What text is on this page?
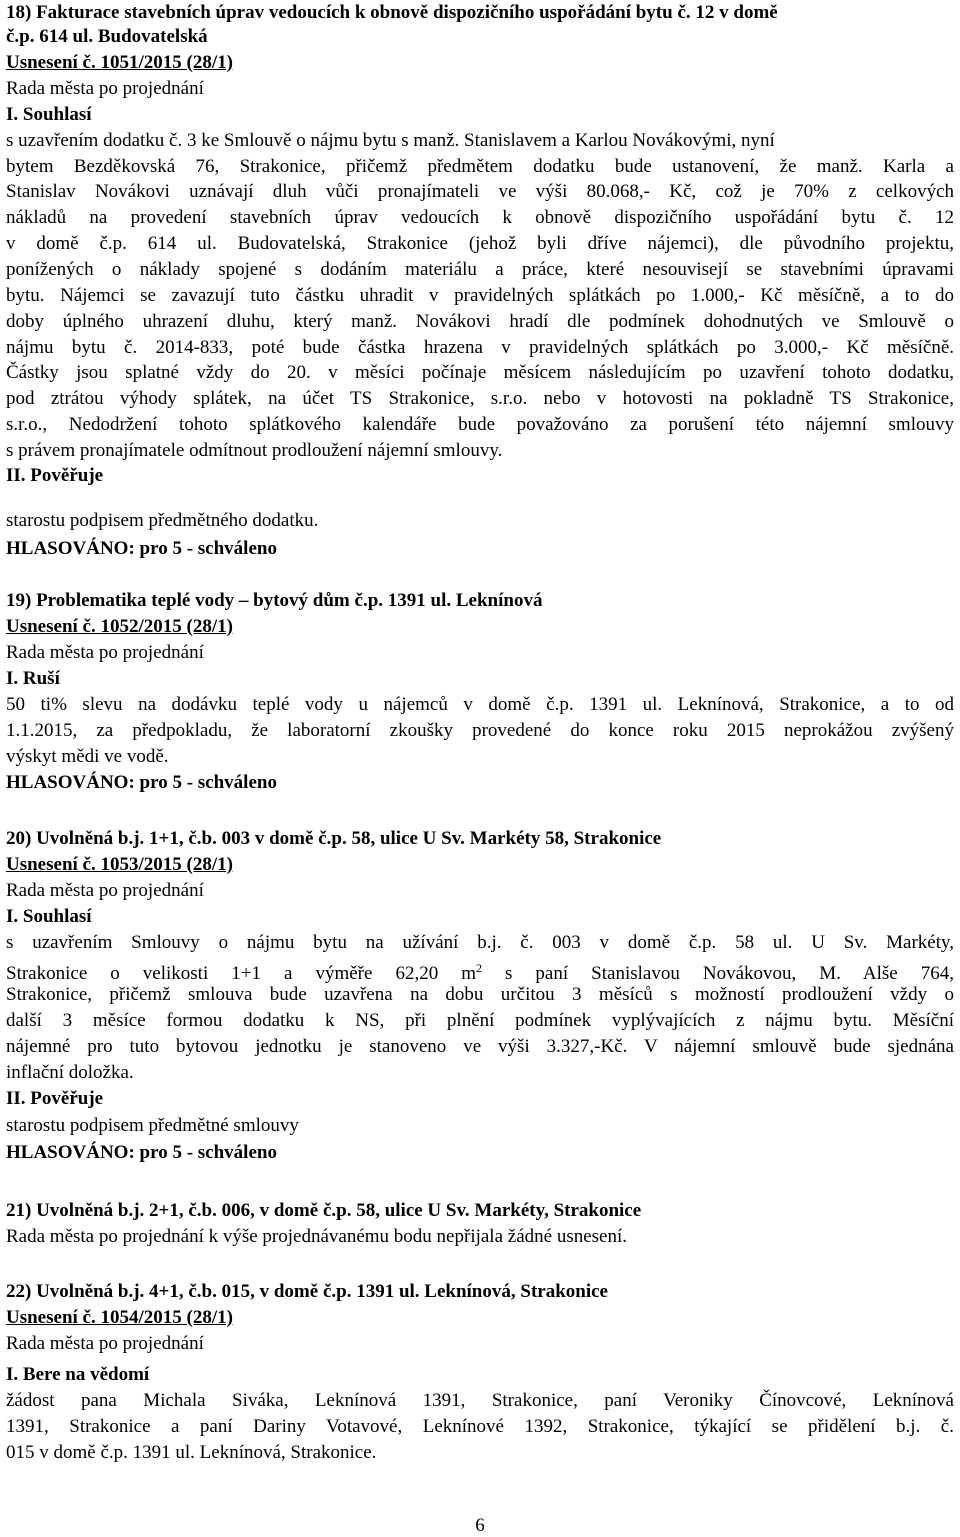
18) Fakturace stavebních úprav vedoucích k obnově dispozičního uspořádání bytu č. 12 v domě
č.p. 614 ul. Budovatelská
Usnesení č. 1051/2015 (28/1)
Rada města po projednání
I. Souhlasí
s uzavřením dodatku č. 3 ke Smlouvě o nájmu bytu s manž. Stanislavem a Karlou Novákovými, nyní
bytem Bezděkovská 76, Strakonice, přičemž předmětem dodatku bude ustanovení, že manž. Karla a
Stanislav Novákovi uznávají dluh vůči pronajímateli ve výši 80.068,- Kč, což je 70% z celkových
nákladů na provedení stavebních úprav vedoucích k obnově dispozičního uspořádání bytu č. 12
v domě č.p. 614 ul. Budovatelská, Strakonice (jehož byli dříve nájemci), dle původního projektu,
ponížených o náklady spojené s dodáním materiálu a práce, které nesouvisejí se stavebními úpravami
bytu. Nájemci se zavazují tuto částku uhradit v pravidelných splátkách po 1.000,- Kč měsíčně, a to do
doby úplného uhrazení dluhu, který manž. Novákovi hradí dle podmínek dohodnutých ve Smlouvě o
nájmu bytu č. 2014-833, poté bude částka hrazena v pravidelných splátkách po 3.000,- Kč měsíčně.
Částky jsou splatné vždy do 20. v měsíci počínaje měsícem následujícím po uzavření tohoto dodatku,
pod ztrátou výhody splátek, na účet TS Strakonice, s.r.o. nebo v hotovosti na pokladně TS Strakonice,
s.r.o., Nedodržení tohoto splátkového kalendáře bude považováno za porušení této nájemní smlouvy
s právem pronajímatele odmítnout prodloužení nájemní smlouvy.
II. Pověřuje
starostu podpisem předmětného dodatku.
HLASOVÁNO: pro 5 - schváleno
19) Problematika teplé vody – bytový dům č.p. 1391 ul. Leknínová
Usnesení č. 1052/2015 (28/1)
Rada města po projednání
I. Ruší
50 ti% slevu na dodávku teplé vody u nájemců v domě č.p. 1391 ul. Leknínová, Strakonice, a to od
1.1.2015, za předpokladu, že laboratorní zkoušky provedené do konce roku 2015 neprokážou zvýšený
výskyt mědi ve vodě.
HLASOVÁNO: pro 5 - schváleno
20) Uvolněná b.j. 1+1, č.b. 003 v domě č.p. 58, ulice U Sv. Markéty 58, Strakonice
Usnesení č. 1053/2015 (28/1)
Rada města po projednání
I. Souhlasí
s uzavřením Smlouvy o nájmu bytu na užívání b.j. č. 003 v domě č.p. 58 ul. U Sv. Markéty,
Strakonice o velikosti 1+1 a výměře 62,20 $m^2$ s paní Stanislavou Novákovou, M. Alše 764,
Strakonice, přičemž smlouva bude uzavřena na dobu určitou 3 měsíců s možností prodloužení vždy o
další 3 měsíce formou dodatku k NS, při plnění podmínek vyplývajících z nájmu bytu. Měsíční
nájemné pro tuto bytovou jednotku je stanoveno ve výši 3.327,-Kč. V nájemní smlouvě bude sjednána
inflační doložka.
II. Pověřuje
starostu podpisem předmětné smlouvy
HLASOVÁNO: pro 5 - schváleno
21) Uvolněná b.j. 2+1, č.b. 006, v domě č.p. 58, ulice U Sv. Markéty, Strakonice
Rada města po projednání k výše projednávanému bodu nepřijala žádné usnesení.
22) Uvolněná b.j. 4+1, č.b. 015, v domě č.p. 1391 ul. Leknínová, Strakonice
Usnesení č. 1054/2015 (28/1)
Rada města po projednání
I. Bere na vědomí
žádost pana Michala Siváka, Leknínová 1391, Strakonice, paní Veroniky Čínovcové, Leknínová
1391, Strakonice a paní Dariny Votavové, Leknínové 1392, Strakonice, týkající se přidělení b.j. č.
015 v domě č.p. 1391 ul. Leknínová, Strakonice.
6
